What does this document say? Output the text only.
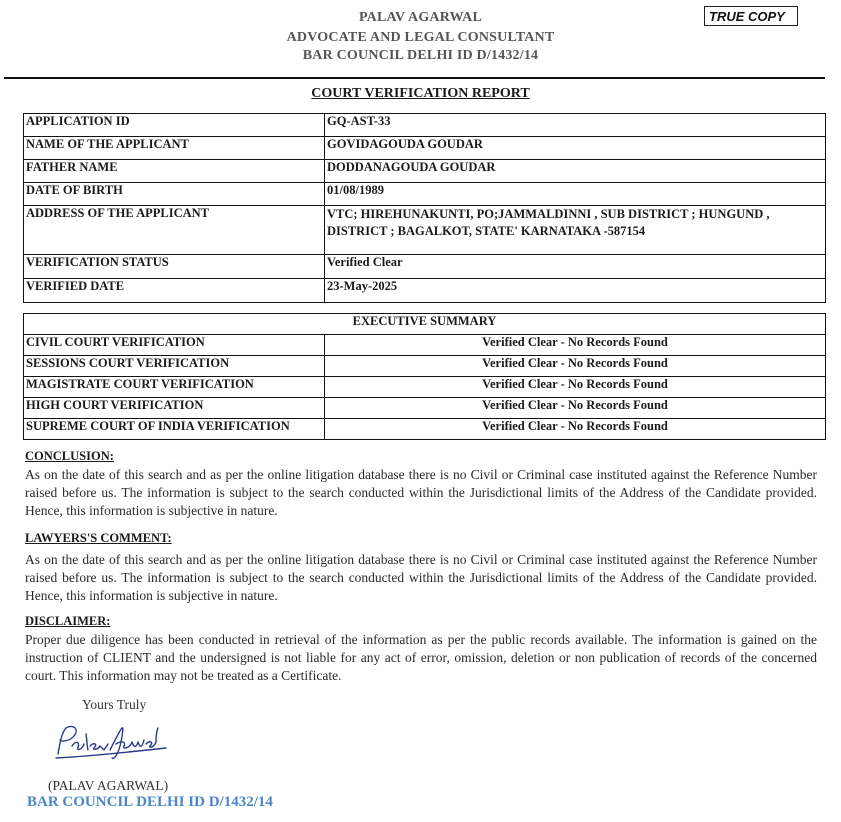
PALAV AGARWAL
ADVOCATE AND LEGAL CONSULTANT
BAR COUNCIL DELHI ID D/1432/14
TRUE COPY
COURT VERIFICATION REPORT
APPLICATION ID	GQ-AST-33
NAME OF THE APPLICANT	GOVIDAGOUDA GOUDAR
FATHER NAME	DODDANAGOUDA GOUDAR
DATE OF BIRTH	01/08/1989
ADDRESS OF THE APPLICANT	VTC; HIREHUNAKUNTI, PO;JAMMALDINNI , SUB DISTRICT ; HUNGUND , DISTRICT ; BAGALKOT, STATE' KARNATAKA -587154
VERIFICATION STATUS	Verified Clear
VERIFIED DATE	23-May-2025
EXECUTIVE SUMMARY	
CIVIL COURT VERIFICATION	Verified Clear - No Records Found
SESSIONS COURT VERIFICATION	Verified Clear - No Records Found
MAGISTRATE COURT VERIFICATION	Verified Clear - No Records Found
HIGH COURT VERIFICATION	Verified Clear - No Records Found
SUPREME COURT OF INDIA VERIFICATION	Verified Clear - No Records Found
CONCLUSION:
As on the date of this search and as per the online litigation database there is no Civil or Criminal case instituted against the Reference Number raised before us. The information is subject to the search conducted within the Jurisdictional limits of the Address of the Candidate provided. Hence, this information is subjective in nature.
LAWYERS'S COMMENT:
As on the date of this search and as per the online litigation database there is no Civil or Criminal case instituted against the Reference Number raised before us. The information is subject to the search conducted within the Jurisdictional limits of the Address of the Candidate provided. Hence, this information is subjective in nature.
DISCLAIMER:
Proper due diligence has been conducted in retrieval of the information as per the public records available. The information is gained on the instruction of CLIENT and the undersigned is not liable for any act of error, omission, deletion or non publication of records of the concerned court. This information may not be treated as a Certificate.
Yours Truly
(PALAV AGARWAL)
BAR COUNCIL DELHI ID D/1432/14
